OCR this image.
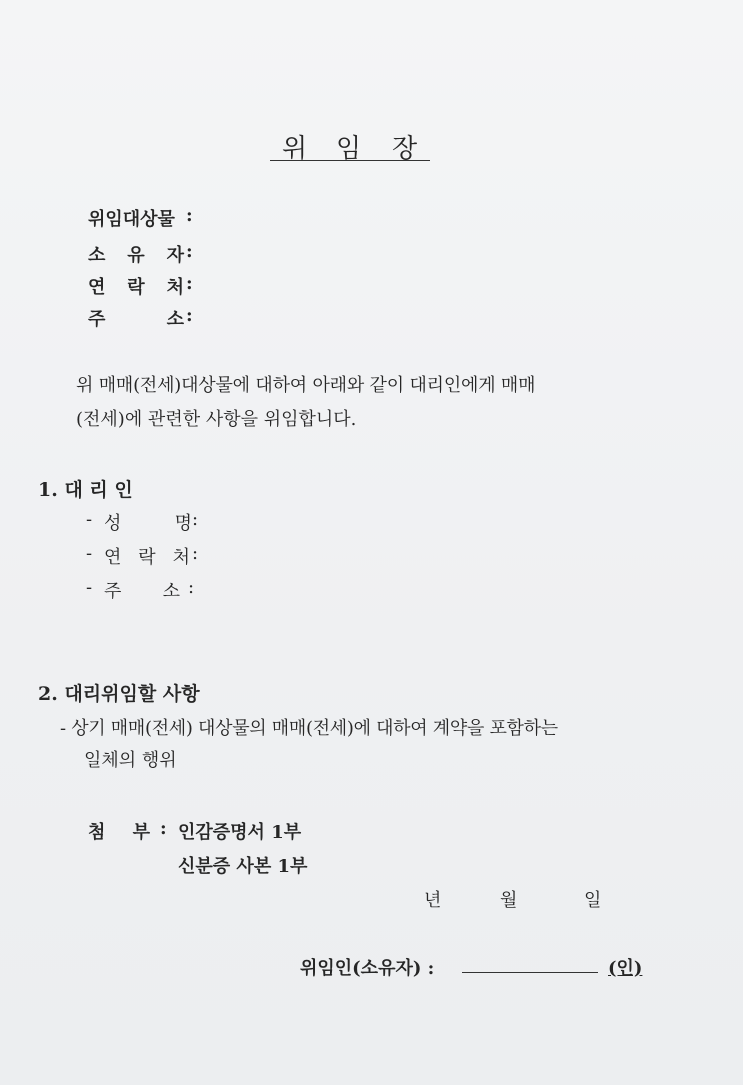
위 임 장
위임대상물 :
소 유 자 :
연 락 처 :
주	소 :
위 매매(전세)대상물에 대하여 아래와 같이 대리인에게 매매
(전세)에 관련한 사항을 위임합니다.
1. 대 리 인
- 성	명 :
- 연 락 처 :
- 주 소 :
2. 대리위임할 사항
- 상기 매매(전세) 대상물의 매매(전세)에 대하여 계약을 포함하는
일체의 행위
첨 부 : 인감증명서 1부
신분증 사본 1부
년	월	일
위임인(소유자) :	(인)
